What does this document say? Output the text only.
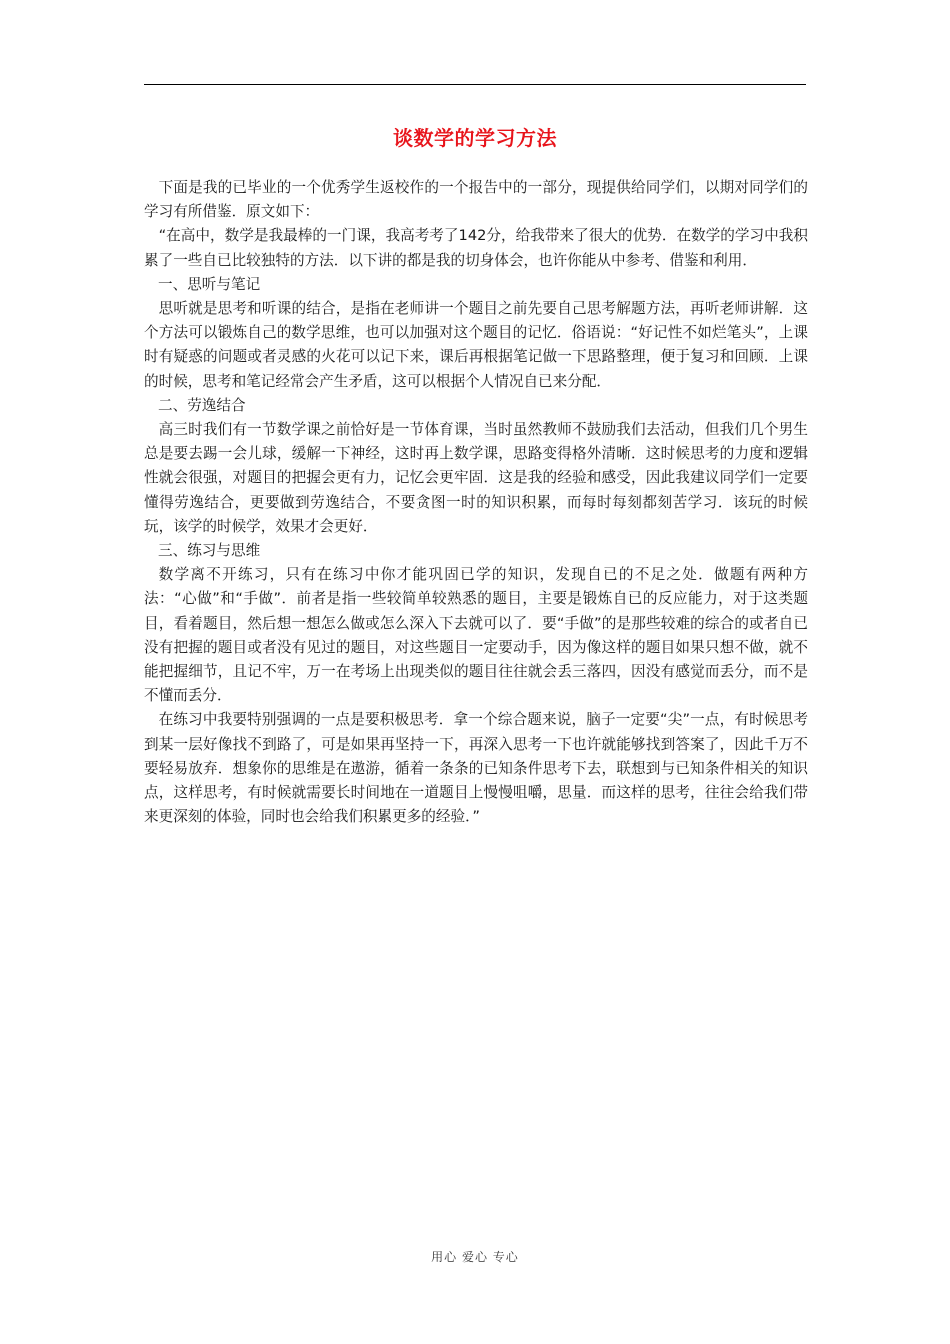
谈数学的学习方法

下面是我的已毕业的一个优秀学生返校作的一个报告中的一部分，现提供给同学们，以期对同学们的学习有所借鉴．原文如下：

“在高中，数学是我最棒的一门课，我高考考了142分，给我带来了很大的优势．在数学的学习中我积累了一些自已比较独特的方法．以下讲的都是我的切身体会，也许你能从中参考、借鉴和利用．

一、思听与笔记

思听就是思考和听课的结合，是指在老师讲一个题目之前先要自己思考解题方法，再听老师讲解．这个方法可以锻炼自己的数学思维，也可以加强对这个题目的记忆．俗语说：“好记性不如烂笔头”，上课时有疑惑的问题或者灵感的火花可以记下来，课后再根据笔记做一下思路整理，便于复习和回顾．上课的时候，思考和笔记经常会产生矛盾，这可以根据个人情况自已来分配．

二、劳逸结合

高三时我们有一节数学课之前恰好是一节体育课，当时虽然教师不鼓励我们去活动，但我们几个男生总是要去踢一会儿球，缓解一下神经，这时再上数学课，思路变得格外清晰．这时候思考的力度和逻辑性就会很强，对题目的把握会更有力，记忆会更牢固．这是我的经验和感受，因此我建议同学们一定要懂得劳逸结合，更要做到劳逸结合，不要贪图一时的知识积累，而每时每刻都刻苦学习．该玩的时候玩，该学的时候学，效果才会更好．

三、练习与思维

数学离不开练习，只有在练习中你才能巩固已学的知识，发现自已的不足之处．做题有两种方法：“心做”和“手做”．前者是指一些较简单较熟悉的题目，主要是锻炼自已的反应能力，对于这类题目，看着题目，然后想一想怎么做或怎么深入下去就可以了．要“手做”的是那些较难的综合的或者自已没有把握的题目或者没有见过的题目，对这些题目一定要动手，因为像这样的题目如果只想不做，就不能把握细节，且记不牢，万一在考场上出现类似的题目往往就会丢三落四，因没有感觉而丢分，而不是不懂而丢分．

在练习中我要特别强调的一点是要积极思考．拿一个综合题来说，脑子一定要“尖”一点，有时候思考到某一层好像找不到路了，可是如果再坚持一下，再深入思考一下也许就能够找到答案了，因此千万不要轻易放弃．想象你的思维是在遨游，循着一条条的已知条件思考下去，联想到与已知条件相关的知识点，这样思考，有时候就需要长时间地在一道题目上慢慢咀嚼，思量．而这样的思考，往往会给我们带来更深刻的体验，同时也会给我们积累更多的经验．”

用心 爱心 专心
